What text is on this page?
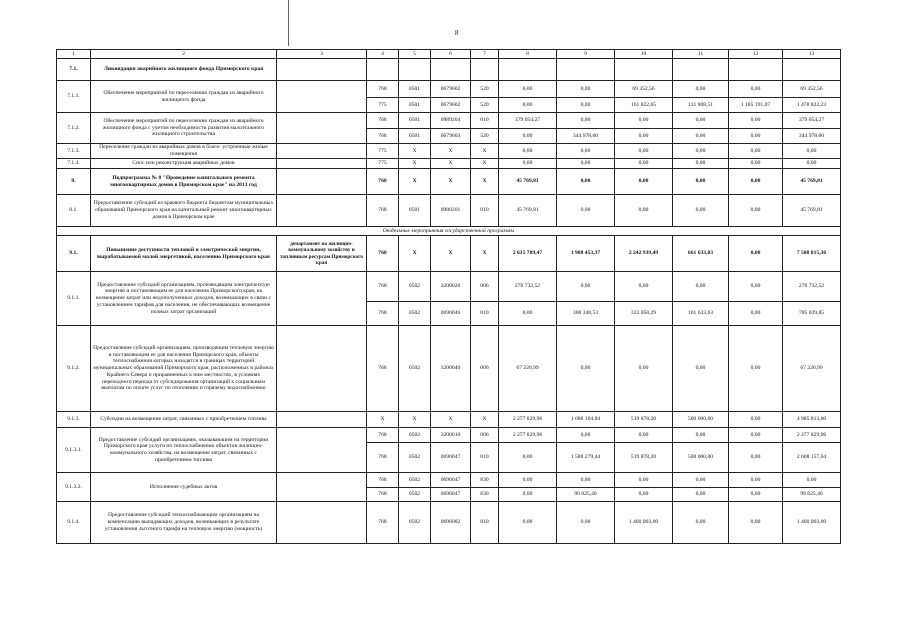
8
1	2	3	4	5	6	7	8	9	10	11	12	13
7.1.	Ликвидация аварийного жилищного фонда Приморского края											
7.1.1.	Обеспечение мероприятий по переселению граждан из аварийного жилищного фонда		768	0501	0679602	520	0,00	0,00	69 352,56	0,00	0,00	69 352,56
			775	0501	0679602	520	0,00	0,00	161 822,65	131 808,51	1 185 191,07	1 478 822,23
7.1.2.	Обеспечение мероприятий по переселению граждан из аварийного жилищного фонда с учетом необходимости развития малоэтажного жилищного строительства		768	0501	0989204	010	379 054,27	0,00	0,00	0,00	0,00	379 054,27
			768	0501	0679603	520	0,00	344 978,60	0,00	0,00	0,00	344 978,60
7.1.3.	Переселение граждан из аварийных домов в благо- устроенные жилые помещения		775	X	X	X	0,00	0,00	0,00	0,00	0,00	0,00
7.1.4.	Снос или реконструкция аварийных домов		775	X	X	X	0,00	0,00	0,00	0,00	0,00	0,00
8.	Подпрограмма № 8 "Проведение капитального ремонта многоквартирных домов в Приморском крае" на 2013 год		768	X	X	X	45 769,81	0,00	0,00	0,00	0,00	45 769,81
8.1.	Предоставление субсидий из краевого бюджета бюджетам муниципальных образований Приморского края на капитальный ремонт многоквартирных домов в Приморском крае		768	0501	0980201	010	45 769,81	0,00	0,00	0,00	0,00	45 769,81
Отдельные мероприятия государственной программы												
9.1.	Повышение доступности тепловой и электрической энергии, вырабатываемой малой энергетикой, населению Приморского края	департамент по жилищно-коммунальному хозяйству и топливным ресурсам Приморского края	768	X	X	X	2 615 789,47	1 988 453,37	2 242 939,49	661 633,03	0,00	7 508 815,36
9.1.1.	Предоставление субсидий организациям, производящим электрическую энергию и поставляющим ее для населения Приморского края, на возмещение затрат или недополученных доходов, возникающих в связи с установлением тарифов для населения, не обеспечивающих возмещение полных затрат организаций		768	0502	3200020	006	270 732,52	0,00	0,00	0,00	0,00	270 732,52
			768	0502	0696046	810	0,00	300 348,53	323 058,29	161 633,03	0,00	785 039,85
9.1.2.	Предоставление субсидий организациям, производящим тепловую энергию и поставляющим ее для населения Приморского края, объекты теплоснабжения которых находятся в границах территорий муниципальных образований Приморского края, расположенных в районах Крайнего Севера и приравненных к ним местностях, в условиях переходного периода от субсидирования организаций к социальным выплатам по оплате услуг по отоплению и горячему водоснабжению		768	0502	3200040	006	67 226,99	0,00	0,00	0,00	0,00	67 226,99
9.1.3.	Субсидии на возмещение затрат, связанных с приобретением топлива		X	X	X	X	2 277 829,96	1 688 104,84	519 878,20	500 000,00	0,00	4 985 813,00
9.1.3.1.	Предоставление субсидий организациям, оказывающим на территории Приморского края услуги по теплоснабжению объектов жилищно-коммунального хозяйства, на возмещение затрат, связанных с приобретением топлива		768	0502	3200010	006	2 277 829,96	0,00	0,00	0,00	0,00	2 277 829,96
			768	0502	0696047	810	0,00	1 588 279,44	519 878,20	500 000,00	0,00	2 608 157,64
9.1.3.2.	Исполнение судебных актов		768	0502	0696047	830	0,00	0,00	0,00	0,00	0,00	0,00
			768	0502	0696047	830	0,00	99 825,40	0,00	0,00	0,00	99 825,40
9.1.4.	Предоставление субсидий теплоснабжающим организациям на компенсацию выпадающих доходов, возникающих в результате установления льготного тарифа на тепловую энергию (мощность)		768	0502	0696082	810	0,00	0,00	1 400 003,00	0,00	0,00	1 400 003,00
